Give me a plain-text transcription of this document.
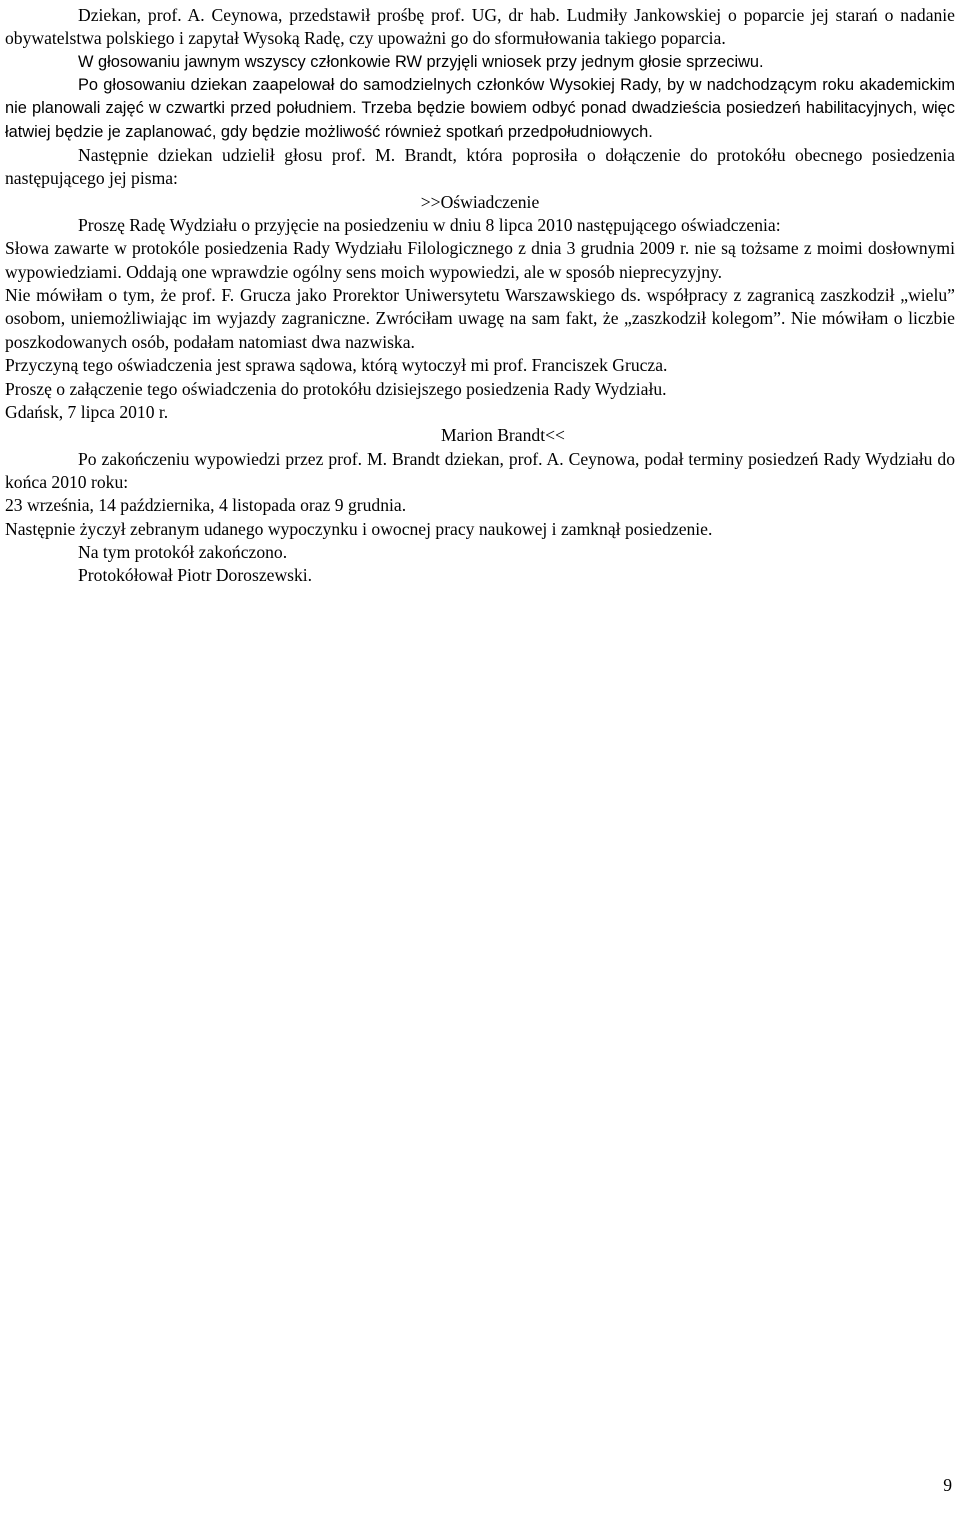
Dziekan, prof. A. Ceynowa, przedstawił prośbę prof. UG, dr hab. Ludmiły Jankowskiej o poparcie jej starań o nadanie obywatelstwa polskiego i zapytał Wysoką Radę, czy upoważni go do sformułowania takiego poparcia.

W głosowaniu jawnym wszyscy członkowie RW przyjęli wniosek przy jednym głosie sprzeciwu.

Po głosowaniu dziekan zaapelował do samodzielnych członków Wysokiej Rady, by w nadchodzącym roku akademickim nie planowali zajęć w czwartki przed południem. Trzeba będzie bowiem odbyć ponad dwadzieścia posiedzeń habilitacyjnych, więc łatwiej będzie je zaplanować, gdy będzie możliwość również spotkań przedpołudniowych.

Następnie dziekan udzielił głosu prof. M. Brandt, która poprosiła o dołączenie do protokółu obecnego posiedzenia następującego jej pisma:

>>Oświadczenie

Proszę Radę Wydziału o przyjęcie na posiedzeniu w dniu 8 lipca 2010 następującego oświadczenia:

Słowa zawarte w protokóle posiedzenia Rady Wydziału Filologicznego z dnia 3 grudnia 2009 r. nie są tożsame z moimi dosłownymi wypowiedziami. Oddają one wprawdzie ogólny sens moich wypowiedzi, ale w sposób nieprecyzyjny.

Nie mówiłam o tym, że prof. F. Grucza jako Prorektor Uniwersytetu Warszawskiego ds. współpracy z zagranicą zaszkodził „wielu” osobom, uniemożliwiając im wyjazdy zagraniczne. Zwróciłam uwagę na sam fakt, że „zaszkodził kolegom”. Nie mówiłam o liczbie poszkodowanych osób, podałam natomiast dwa nazwiska.

Przyczyną tego oświadczenia jest sprawa sądowa, którą wytoczył mi prof. Franciszek Grucza.

Proszę o załączenie tego oświadczenia do protokółu dzisiejszego posiedzenia Rady Wydziału.

Gdańsk, 7 lipca 2010 r.

Marion Brandt<<

Po zakończeniu wypowiedzi przez prof. M. Brandt dziekan, prof. A. Ceynowa, podał terminy posiedzeń Rady Wydziału do końca 2010 roku:

23 września, 14 października, 4 listopada oraz 9 grudnia.

Następnie życzył zebranym udanego wypoczynku i owocnej pracy naukowej i zamknął posiedzenie.

Na tym protokół zakończono.

Protokółował Piotr Doroszewski.

9
